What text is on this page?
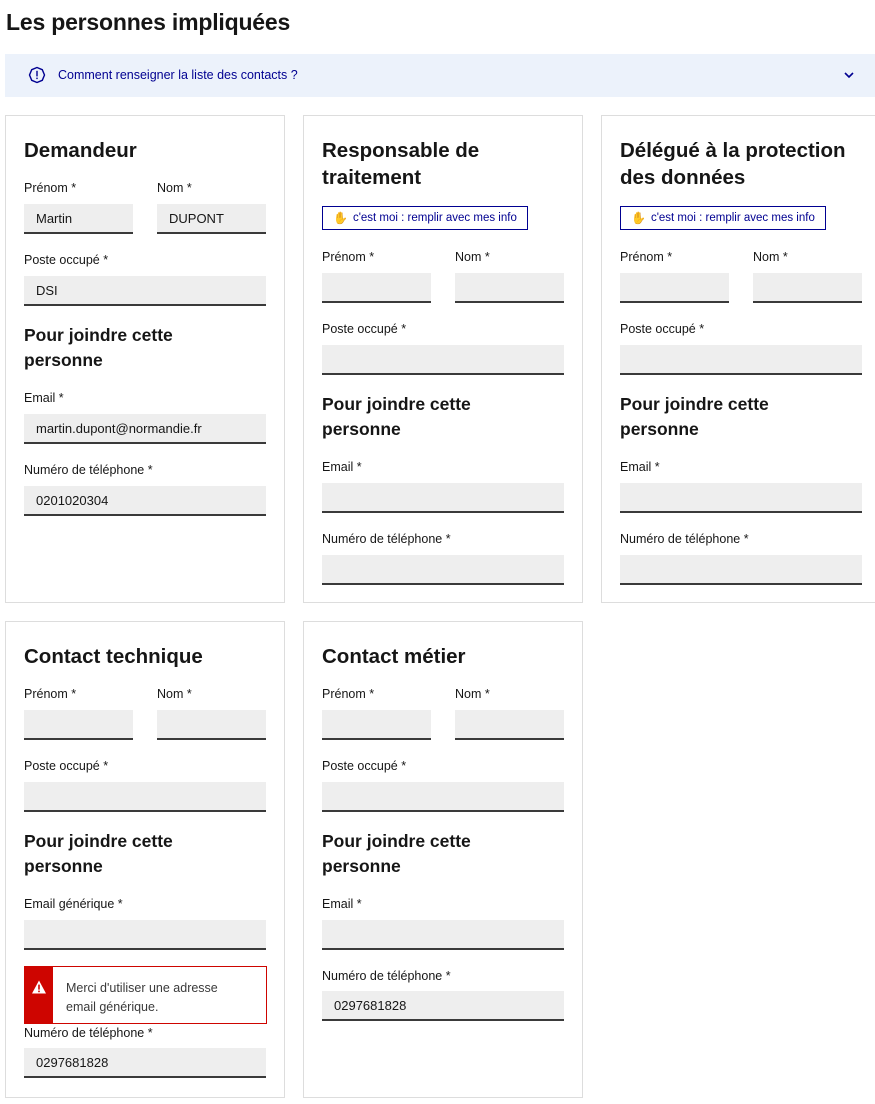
Les personnes impliquées
Comment renseigner la liste des contacts ?
Demandeur
Prénom *	Nom *
Martin	DUPONT
Poste occupé *
DSI
Pour joindre cette
personne
Email *
martin.dupont@normandie.fr
Numéro de téléphone *
0201020304
Responsable de
traitement
✋ c'est moi : remplir avec mes info
Prénom *	Nom *
Poste occupé *
Pour joindre cette
personne
Email *
Numéro de téléphone *
Délégué à la protection
des données
✋ c'est moi : remplir avec mes info
Prénom *	Nom *
Poste occupé *
Pour joindre cette
personne
Email *
Numéro de téléphone *
Contact technique
Prénom *	Nom *
Poste occupé *
Pour joindre cette
personne
Email générique *
Merci d'utiliser une adresse
email générique.
Numéro de téléphone *
0297681828
Contact métier
Prénom *	Nom *
Poste occupé *
Pour joindre cette
personne
Email *
Numéro de téléphone *
0297681828
